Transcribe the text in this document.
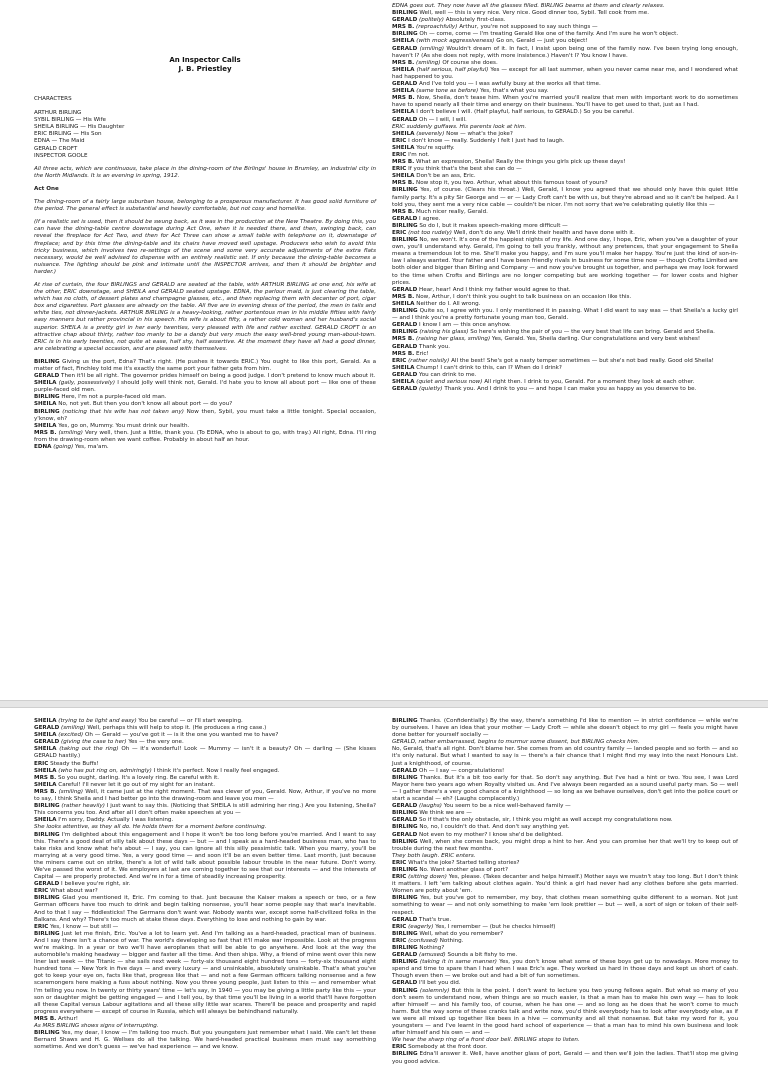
An Inspector Calls
J. B. Priestley
CHARACTERS
ARTHUR BIRLING
SYBIL BIRLING — His Wife
SHEILA BIRLING — His Daughter
ERIC BIRLING — His Son
EDNA — The Maid
GERALD CROFT
INSPECTOR GOOLE
All three acts, which are continuous, take place in the dining-room of the Birlings' house in Brumley, an industrial city in the North Midlands. It is an evening in spring, 1912.
Act One
The dining-room of a fairly large suburban house, belonging to a prosperous manufacturer. It has good solid furniture of the period. The general effect is substantial and heavily comfortable, but not cosy and homelike.
(If a realistic set is used, then it should be swung back, as it was in the production at the New Theatre. By doing this, you can have the dining-table centre downstage during Act One, when it is needed there, and then, swinging back, can reveal the fireplace for Act Two, and then for Act Three can show a small table with telephone on it, downstage of fireplace; and by this time the dining-table and its chairs have moved well upstage. Producers who wish to avoid this tricky business, which involves two re-settings of the scene and some very accurate adjustments of the extra flats necessary, would be well advised to dispense with an entirely realistic set. If only because the dining-table becomes a nuisance. The lighting should be pink and intimate until the INSPECTOR arrives, and then it should be brighter and harder.)
At rise of curtain, the four BIRLINGS and GERALD are seated at the table, with ARTHUR BIRLING at one end, his wife at the other, ERIC downstage, and SHEILA and GERALD seated upstage. EDNA, the parlour maid, is just clearing the table, which has no cloth, of dessert plates and champagne glasses, etc., and then replacing them with decanter of port, cigar box and cigarettes. Port glasses are already on the table. All five are in evening dress of the period, the men in tails and white ties, not dinner-jackets. ARTHUR BIRLING is a heavy-looking, rather portentous man in his middle fifties with fairly easy manners but rather provincial in his speech. His wife is about fifty, a rather cold woman and her husband's social superior. SHEILA is a pretty girl in her early twenties, very pleased with life and rather excited. GERALD CROFT is an attractive chap about thirty, rather too manly to be a dandy but very much the easy well-bred young man-about-town. ERIC is in his early twenties, not quite at ease, half shy, half assertive. At the moment they have all had a good dinner, are celebrating a special occasion, and are pleased with themselves.
BIRLING Giving us the port, Edna? That's right. (He pushes it towards ERIC.) You ought to like this port, Gerald. As a matter of fact, Finchley told me it's exactly the same port your father gets from him.
GERALD Then it'll be all right. The governor prides himself on being a good judge. I don't pretend to know much about it.
SHEILA (gaily, possessively) I should jolly well think not, Gerald. I'd hate you to know all about port — like one of these purple-faced old men.
BIRLING Here, I'm not a purple-faced old man.
SHEILA No, not yet. But then you don't know all about port — do you?
BIRLING (noticing that his wife has not taken any) Now then, Sybil, you must take a little tonight. Special occasion, y'know, eh?
SHEILA Yes, go on, Mummy. You must drink our health.
MRS B. (smiling) Very well, then. Just a little, thank you. (To EDNA, who is about to go, with tray.) All right, Edna. I'll ring from the drawing-room when we want coffee. Probably in about half an hour.
EDNA (going) Yes, ma'am.
EDNA goes out. They now have all the glasses filled. BIRLING beams at them and clearly relaxes.
BIRLING Well, well — this is very nice. Very nice. Good dinner too, Sybil. Tell cook from me.
GERALD (politely) Absolutely first-class.
MRS B. (reproachfully) Arthur, you're not supposed to say such things —
BIRLING Oh — come, come — I'm treating Gerald like one of the family. And I'm sure he won't object.
SHEILA (with mock aggressiveness) Go on, Gerald — just you object!
GERALD (smiling) Wouldn't dream of it. In fact, I insist upon being one of the family now. I've been trying long enough, haven't I? (As she does not reply, with more insistence.) Haven't I? You know I have.
MRS B. (smiling) Of course she does.
SHEILA (half serious, half playful) Yes — except for all last summer, when you never came near me, and I wondered what had happened to you.
GERALD And I've told you — I was awfully busy at the works all that time.
SHEILA (same tone as before) Yes, that's what you say.
MRS B. Now, Sheila, don't tease him. When you're married you'll realize that men with important work to do sometimes have to spend nearly all their time and energy on their business. You'll have to get used to that, just as I had.
SHEILA I don't believe I will. (Half playful, half serious, to GERALD.) So you be careful.
GERALD Oh — I will, I will.
ERIC suddenly guffaws. His parents look at him.
SHEILA (severely) Now — what's the joke?
ERIC I don't know — really. Suddenly I felt I just had to laugh.
SHEILA You're squiffy.
ERIC I'm not.
MRS B. What an expression, Sheila! Really the things you girls pick up these days!
ERIC If you think that's the best she can do —
SHEILA Don't be an ass, Eric.
MRS B. Now stop it, you two. Arthur, what about this famous toast of yours?
BIRLING Yes, of course. (Clears his throat.) Well, Gerald, I know you agreed that we should only have this quiet little family party. It's a pity Sir George and — er — Lady Croft can't be with us, but they're abroad and so it can't be helped. As I told you, they sent me a very nice cable — couldn't be nicer. I'm not sorry that we're celebrating quietly like this —
MRS B. Much nicer really, Gerald.
GERALD I agree.
BIRLING So do I, but it makes speech-making more difficult —
ERIC (not too rudely) Well, don't do any. We'll drink their health and have done with it.
BIRLING No, we won't. It's one of the happiest nights of my life. And one day, I hope, Eric, when you've a daughter of your own, you'll understand why. Gerald, I'm going to tell you frankly, without any pretences, that your engagement to Sheila means a tremendous lot to me. She'll make you happy, and I'm sure you'll make her happy. You're just the kind of son-in-law I always wanted. Your father and I have been friendly rivals in business for some time now — though Crofts Limited are both older and bigger than Birling and Company — and now you've brought us together, and perhaps we may look forward to the time when Crofts and Birlings are no longer competing but are working together — for lower costs and higher prices.
GERALD Hear, hear! And I think my father would agree to that.
MRS B. Now, Arthur, I don't think you ought to talk business on an occasion like this.
SHEILA Neither do I. All wrong.
BIRLING Quite so, I agree with you. I only mentioned it in passing. What I did want to say was — that Sheila's a lucky girl — and I think you're a pretty fortunate young man too, Gerald.
GERALD I know I am — this once anyhow.
BIRLING (raising his glass) So here's wishing the pair of you — the very best that life can bring. Gerald and Sheila.
MRS B. (raising her glass, smiling) Yes, Gerald. Yes, Sheila darling. Our congratulations and very best wishes!
GERALD Thank you.
MRS B. Eric!
ERIC (rather noisily) All the best! She's got a nasty temper sometimes — but she's not bad really. Good old Sheila!
SHEILA Chump! I can't drink to this, can I? When do I drink?
GERALD You can drink to me.
SHEILA (quiet and serious now) All right then. I drink to you, Gerald. For a moment they look at each other.
GERALD (quietly) Thank you. And I drink to you — and hope I can make you as happy as you deserve to be.
SHEILA (trying to be light and easy) You be careful — or I'll start weeping.
GERALD (smiling) Well, perhaps this will help to stop it. (He produces a ring case.)
SHEILA (excited) Oh — Gerald — you've got it — is it the one you wanted me to have?
GERALD (giving the case to her) Yes — the very one.
SHEILA (taking out the ring) Oh — it's wonderful! Look — Mummy — isn't it a beauty? Oh — darling — (She kisses GERALD hastily.)
ERIC Steady the Buffs!
SHEILA (who has put ring on, admiringly) I think it's perfect. Now I really feel engaged.
MRS B. So you ought, darling. It's a lovely ring. Be careful with it.
SHEILA Careful! I'll never let it go out of my sight for an instant.
MRS B. (smiling) Well, it came just at the right moment. That was clever of you, Gerald. Now, Arthur, if you've no more to say, I think Sheila and I had better go into the drawing-room and leave you men —
BIRLING (rather heavily) I just want to say this. (Noticing that SHEILA is still admiring her ring.) Are you listening, Sheila? This concerns you too. And after all I don't often make speeches at you —
SHEILA I'm sorry, Daddy. Actually I was listening.
She looks attentive, as they all do. He holds them for a moment before continuing.
BIRLING I'm delighted about this engagement and I hope it won't be too long before you're married. And I want to say this. There's a good deal of silly talk about these days — but — and I speak as a hard-headed business man, who has to take risks and know what he's about — I say, you can ignore all this silly pessimistic talk. When you marry, you'll be marrying at a very good time. Yes, a very good time — and soon it'll be an even better time. Last month, just because the miners came out on strike, there's a lot of wild talk about possible labour trouble in the near future. Don't worry. We've passed the worst of it. We employers at last are coming together to see that our interests — and the interests of Capital — are properly protected. And we're in for a time of steadily increasing prosperity.
GERALD I believe you're right, sir.
ERIC What about war?
BIRLING Glad you mentioned it, Eric. I'm coming to that. Just because the Kaiser makes a speech or two, or a few German officers have too much to drink and begin talking nonsense, you'll hear some people say that war's inevitable. And to that I say — fiddlesticks! The Germans don't want war. Nobody wants war, except some half-civilized folks in the Balkans. And why? There's too much at stake these days. Everything to lose and nothing to gain by war.
ERIC Yes, I know — but still —
BIRLING Just let me finish, Eric. You've a lot to learn yet. And I'm talking as a hard-headed, practical man of business. And I say there isn't a chance of war. The world's developing so fast that it'll make war impossible. Look at the progress we're making. In a year or two we'll have aeroplanes that will be able to go anywhere. And look at the way the automobile's making headway — bigger and faster all the time. And then ships. Why, a friend of mine went over this new liner last week — the Titanic — she sails next week — forty-six thousand eight hundred tons — forty-six thousand eight hundred tons — New York in five days — and every luxury — and unsinkable, absolutely unsinkable. That's what you've got to keep your eye on, facts like that, progress like that — and not a few German officers talking nonsense and a few scaremongers here making a fuss about nothing. Now you three young people, just listen to this — and remember what I'm telling you now. In twenty or thirty years' time — let's say, in 1940 — you may be giving a little party like this — your son or daughter might be getting engaged — and I tell you, by that time you'll be living in a world that'll have forgotten all these Capital versus Labour agitations and all these silly little war scares. There'll be peace and prosperity and rapid progress everywhere — except of course in Russia, which will always be behindhand naturally.
MRS B. Arthur!
As MRS BIRLING shows signs of interrupting.
BIRLING Yes, my dear, I know — I'm talking too much. But you youngsters just remember what I said. We can't let these Bernard Shaws and H. G. Wellses do all the talking. We hard-headed practical business men must say something sometime. And we don't guess — we've had experience — and we know.
BIRLING Thanks. (Confidentially.) By the way, there's something I'd like to mention — in strict confidence — while we're by ourselves. I have an idea that your mother — Lady Croft — while she doesn't object to my girl — feels you might have done better for yourself socially —
GERALD, rather embarrassed, begins to murmur some dissent, but BIRLING checks him.
No, Gerald, that's all right. Don't blame her. She comes from an old country family — landed people and so forth — and so it's only natural. But what I wanted to say is — there's a fair chance that I might find my way into the next Honours List. Just a knighthood, of course.
GERALD Oh — I say — congratulations!
BIRLING Thanks. But it's a bit too early for that. So don't say anything. But I've had a hint or two. You see, I was Lord Mayor here two years ago when Royalty visited us. And I've always been regarded as a sound useful party man. So — well — I gather there's a very good chance of a knighthood — so long as we behave ourselves, don't get into the police court or start a scandal — eh? (Laughs complacently.)
GERALD (laughs) You seem to be a nice well-behaved family —
BIRLING We think we are —
GERALD So if that's the only obstacle, sir, I think you might as well accept my congratulations now.
BIRLING No, no, I couldn't do that. And don't say anything yet.
GERALD Not even to my mother? I know she'd be delighted.
BIRLING Well, when she comes back, you might drop a hint to her. And you can promise her that we'll try to keep out of trouble during the next few months.
They both laugh. ERIC enters.
ERIC What's the joke? Started telling stories?
BIRLING No. Want another glass of port?
ERIC (sitting down) Yes, please. (Takes decanter and helps himself.) Mother says we mustn't stay too long. But I don't think it matters. I left 'em talking about clothes again. You'd think a girl had never had any clothes before she gets married. Women are potty about 'em.
BIRLING Yes, but you've got to remember, my boy, that clothes mean something quite different to a woman. Not just something to wear — and not only something to make 'em look prettier — but — well, a sort of sign or token of their self-respect.
GERALD That's true.
ERIC (eagerly) Yes, I remember — (but he checks himself)
BIRLING Well, what do you remember?
ERIC (confused) Nothing.
BIRLING Nothing?
GERALD (amused) Sounds a bit fishy to me.
BIRLING (taking it in same manner) Yes, you don't know what some of these boys get up to nowadays. More money to spend and time to spare than I had when I was Eric's age. They worked us hard in those days and kept us short of cash. Though even then — we broke out and had a bit of fun sometimes.
GERALD I'll bet you did.
BIRLING (solemnly) But this is the point. I don't want to lecture you two young fellows again. But what so many of you don't seem to understand now, when things are so much easier, is that a man has to make his own way — has to look after himself — and his family too, of course, when he has one — and so long as he does that he won't come to much harm. But the way some of these cranks talk and write now, you'd think everybody has to look after everybody else, as if we were all mixed up together like bees in a hive — community and all that nonsense. But take my word for it, you youngsters — and I've learnt in the good hard school of experience — that a man has to mind his own business and look after himself and his own — and —
We hear the sharp ring of a front door bell. BIRLING stops to listen.
ERIC Somebody at the front door.
BIRLING Edna'll answer it. Well, have another glass of port, Gerald — and then we'll join the ladies. That'll stop me giving you good advice.
